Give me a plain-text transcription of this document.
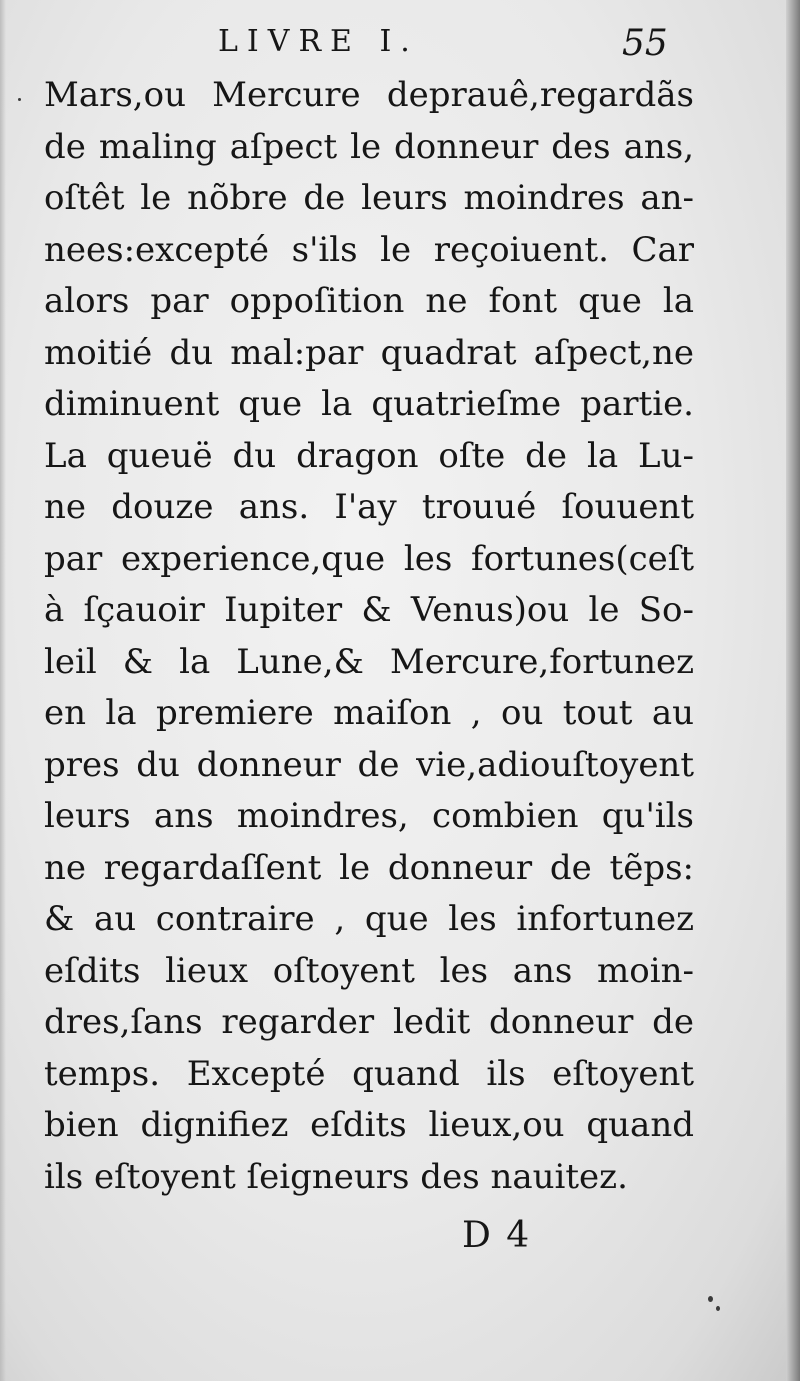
LIVRE I.	55
Mars,ou Mercure deprauê,regardãs
de maling aſpect le donneur des ans,
oſtêt le nõbre de leurs moindres an-
nees:excepté s'ils le reçoiuent. Car
alors par oppoſition ne font que la
moitié du mal:par quadrat aſpect,ne
diminuent que la quatrieſme partie.
La queuë du dragon oſte de la Lu-
ne douze ans. I'ay trouué ſouuent
par experience,que les fortunes(ceſt
à ſçauoir Iupiter & Venus)ou le So-
leil & la Lune,& Mercure,fortunez
en la premiere maiſon , ou tout au
pres du donneur de vie,adiouſtoyent
leurs ans moindres, combien qu'ils
ne regardaſſent le donneur de tẽps:
& au contraire , que les infortunez
eſdits lieux oſtoyent les ans moin-
dres,ſans regarder ledit donneur de
temps. Excepté quand ils eſtoyent
bien dignifiez eſdits lieux,ou quand
ils eſtoyent ſeigneurs des nauitez.
D 4
